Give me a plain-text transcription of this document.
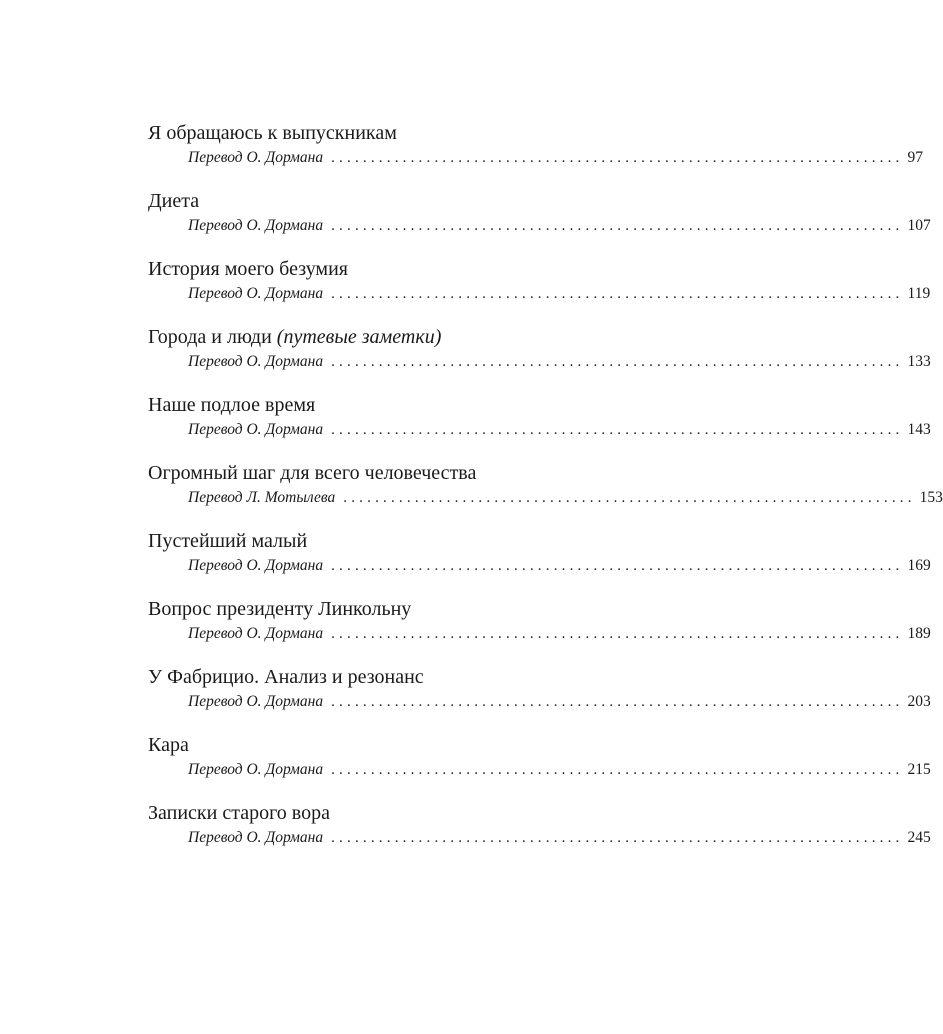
Я обращаюсь к выпускникам
Перевод О. Дормана ........................................................................ 97
Диета
Перевод О. Дормана ........................................................................ 107
История моего безумия
Перевод О. Дормана ........................................................................ 119
Города и люди (путевые заметки)
Перевод О. Дормана ........................................................................ 133
Наше подлое время
Перевод О. Дормана ........................................................................ 143
Огромный шаг для всего человечества
Перевод Л. Мотылева ........................................................................ 153
Пустейший малый
Перевод О. Дормана ........................................................................ 169
Вопрос президенту Линкольну
Перевод О. Дормана ........................................................................ 189
У Фабрицио. Анализ и резонанс
Перевод О. Дормана ........................................................................ 203
Кара
Перевод О. Дормана ........................................................................ 215
Записки старого вора
Перевод О. Дормана ........................................................................ 245
